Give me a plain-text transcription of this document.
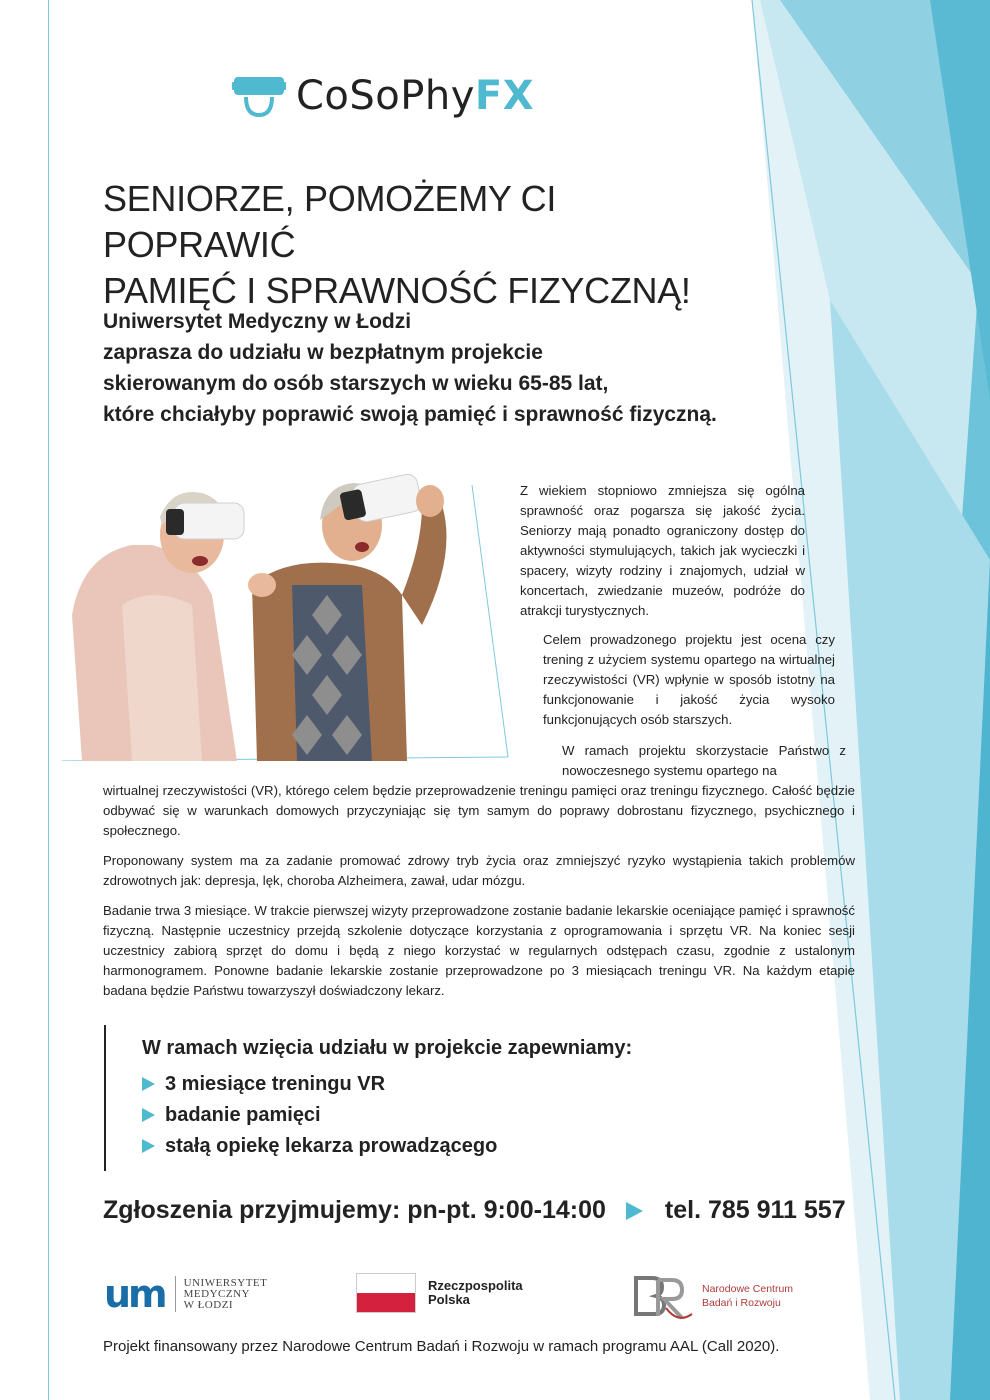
CoSoPhyFX
SENIORZE, POMOŻEMY CI POPRAWIĆ
PAMIĘĆ I SPRAWNOŚĆ FIZYCZNĄ!
Uniwersytet Medyczny w Łodzi
zaprasza do udziału w bezpłatnym projekcie
skierowanym do osób starszych w wieku 65-85 lat,
które chciałyby poprawić swoją pamięć i sprawność fizyczną.
Z wiekiem stopniowo zmniejsza się ogólna sprawność oraz pogarsza się jakość życia. Seniorzy mają ponadto ograniczony dostęp do aktywności stymulujących, takich jak wycieczki i spacery, wizyty rodziny i znajomych, udział w koncertach, zwiedzanie muzeów, podróże do atrakcji turystycznych.
Celem prowadzonego projektu jest ocena czy trening z użyciem systemu opartego na wirtualnej rzeczywistości (VR) wpłynie w sposób istotny na funkcjonowanie i jakość życia wysoko funkcjonujących osób starszych.
W ramach projektu skorzystacie Państwo z nowoczesnego systemu opartego na
wirtualnej rzeczywistości (VR), którego celem będzie przeprowadzenie treningu pamięci oraz treningu fizycznego. Całość będzie odbywać się w warunkach domowych przyczyniając się tym samym do poprawy dobrostanu fizycznego, psychicznego i społecznego.
Proponowany system ma za zadanie promować zdrowy tryb życia oraz zmniejszyć ryzyko wystąpienia takich problemów zdrowotnych jak: depresja, lęk, choroba Alzheimera, zawał, udar mózgu.
Badanie trwa 3 miesiące. W trakcie pierwszej wizyty przeprowadzone zostanie badanie lekarskie oceniające pamięć i sprawność fizyczną. Następnie uczestnicy przejdą szkolenie dotyczące korzystania z oprogramowania i sprzętu VR. Na koniec sesji uczestnicy zabiorą sprzęt do domu i będą z niego korzystać w regularnych odstępach czasu, zgodnie z ustalonym harmonogramem. Ponowne badanie lekarskie zostanie przeprowadzone po 3 miesiącach treningu VR. Na każdym etapie badana będzie Państwu towarzyszył doświadczony lekarz.
W ramach wzięcia udziału w projekcie zapewniamy:
3 miesiące treningu VR
badanie pamięci
stałą opiekę lekarza prowadzącego
Zgłoszenia przyjmujemy: pn-pt. 9:00-14:00 tel. 785 911 557
um UNIWERSYTET
MEDYCZNY
W ŁODZI
Rzeczpospolita
Polska
Narodowe Centrum
Badań i Rozwoju
Projekt finansowany przez Narodowe Centrum Badań i Rozwoju w ramach programu AAL (Call 2020).
